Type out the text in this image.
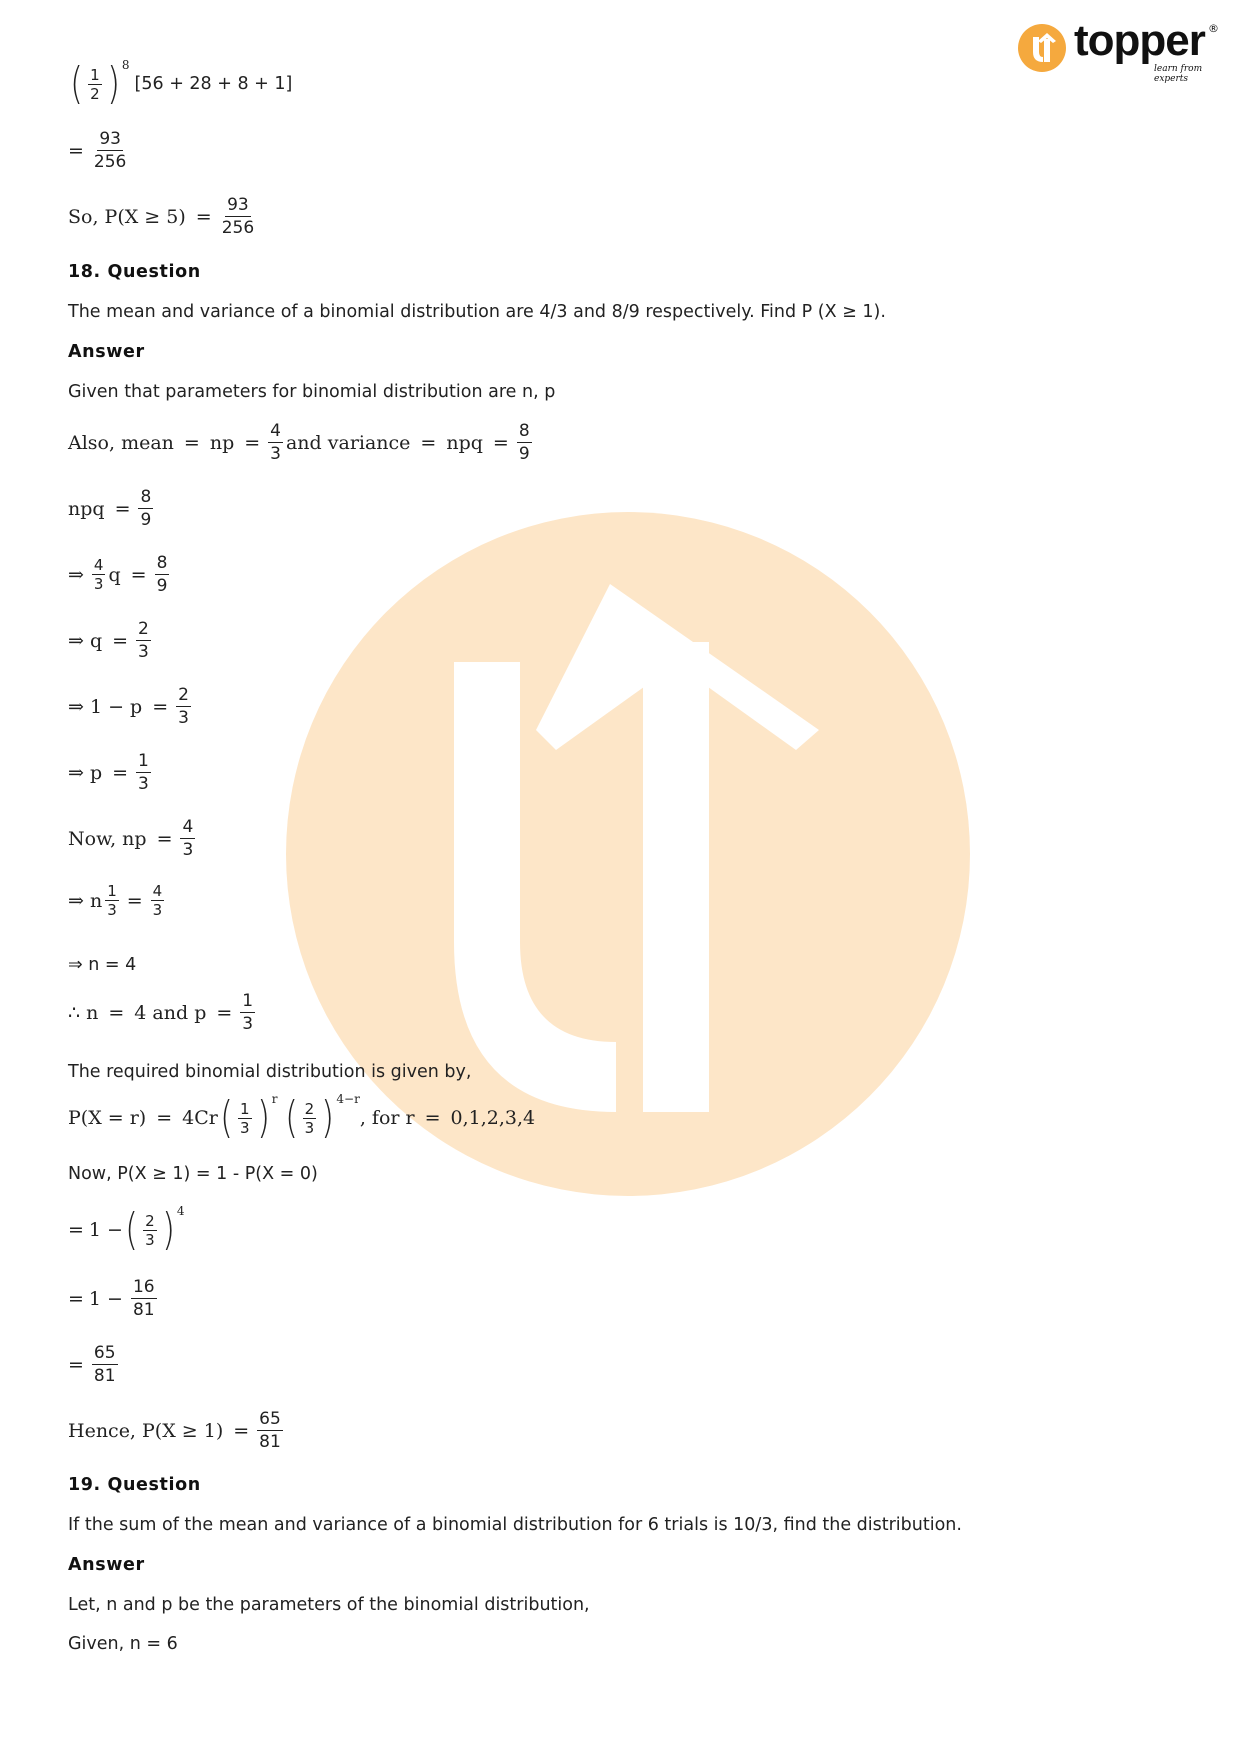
topper ®
learn from experts
( $\frac{1}{2}$ ) 8
[56 + 28 + 8 + 1]
= $\frac{93}{256}$
So, $P(X \ge 5) = \frac{93}{256}$
18. Question
The mean and variance of a binomial distribution are 4/3 and 8/9 respectively. Find P (X ≥ 1).
Answer
Given that parameters for binomial distribution are n, p
Also, mean = np = $\frac{4}{3}$ and variance = npq = $\frac{8}{9}$
npq = $\frac{8}{9}$
⇒ $\frac{4}{3}$ $q = \frac{8}{9}$
⇒ $q = \frac{2}{3}$
⇒ $1 - p = \frac{2}{3}$
⇒ $p = \frac{1}{3}$
Now, np = $\frac{4}{3}$
⇒ n $\frac{1}{3} = \frac{4}{3}$
⇒ n = 4
∴ n = 4 and $p = \frac{1}{3}$
The required binomial distribution is given by,
P(X = r) = 4Cr ( $\frac{1}{3}$ ) r ( $\frac{2}{3}$ ) 4−r
, for r = 0,1,2,3,4
Now, P(X ≥ 1) = 1 - P(X = 0)
= 1 − ( $\frac{2}{3}$ ) 4
= $1 - \frac{16}{81}$
= $\frac{65}{81}$
Hence, $P(X \ge 1) = \frac{65}{81}$
19. Question
If the sum of the mean and variance of a binomial distribution for 6 trials is 10/3, find the distribution.
Answer
Let, n and p be the parameters of the binomial distribution,
Given, n = 6
